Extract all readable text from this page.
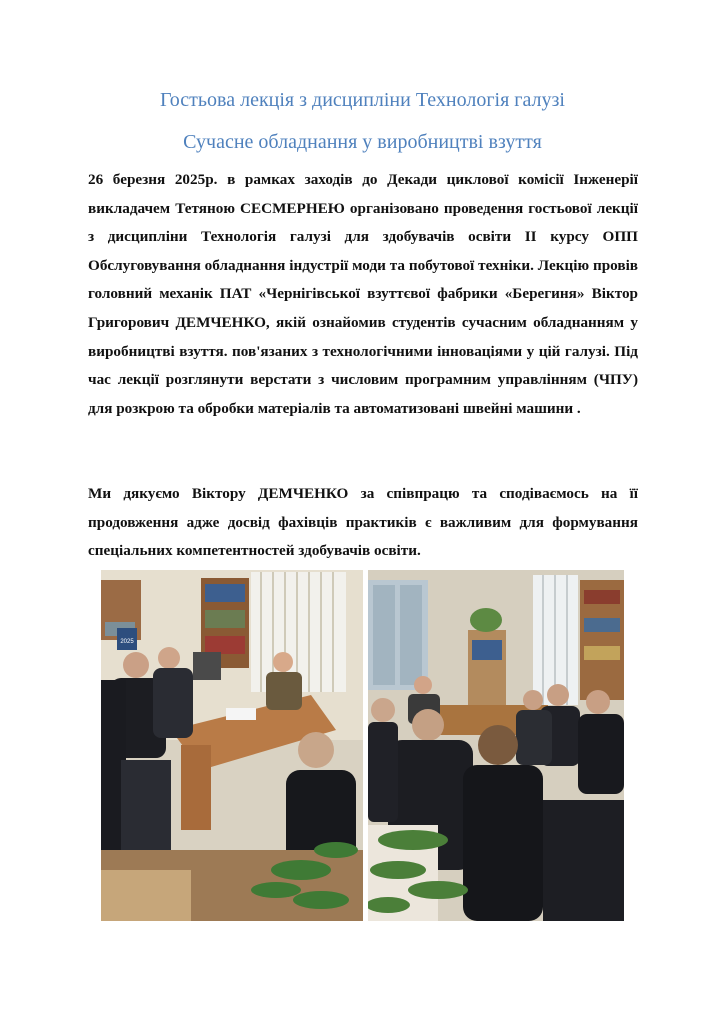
Гостьова лекція з дисципліни Технологія галузі
Сучасне обладнання у виробництві взуття

26 березня 2025р. в рамках заходів до Декади циклової комісії Інженерії викладачем Тетяною СЕСМЕРНЕЮ організовано проведення гостьової лекції з дисципліни Технологія галузі для здобувачів освіти ІІ курсу ОПП Обслуговування обладнання індустрії моди та побутової техніки. Лекцію провів головний механік ПАТ «Чернігівської взуттєвої фабрики «Берегиня» Віктор Григорович ДЕМЧЕНКО, якій ознайомив студентів сучасним обладнанням у виробництві взуття. пов'язаних з технологічними інноваціями у цій галузі. Під час лекції розглянути верстати з числовим програмним управлінням (ЧПУ) для розкрою та обробки матеріалів та автоматизовані швейні машини .

Ми дякуємо Віктору ДЕМЧЕНКО за співпрацю та сподіваємось на її продовження адже досвід фахівців практиків є важливим для формування спеціальних компетентностей здобувачів освіти.

2025
